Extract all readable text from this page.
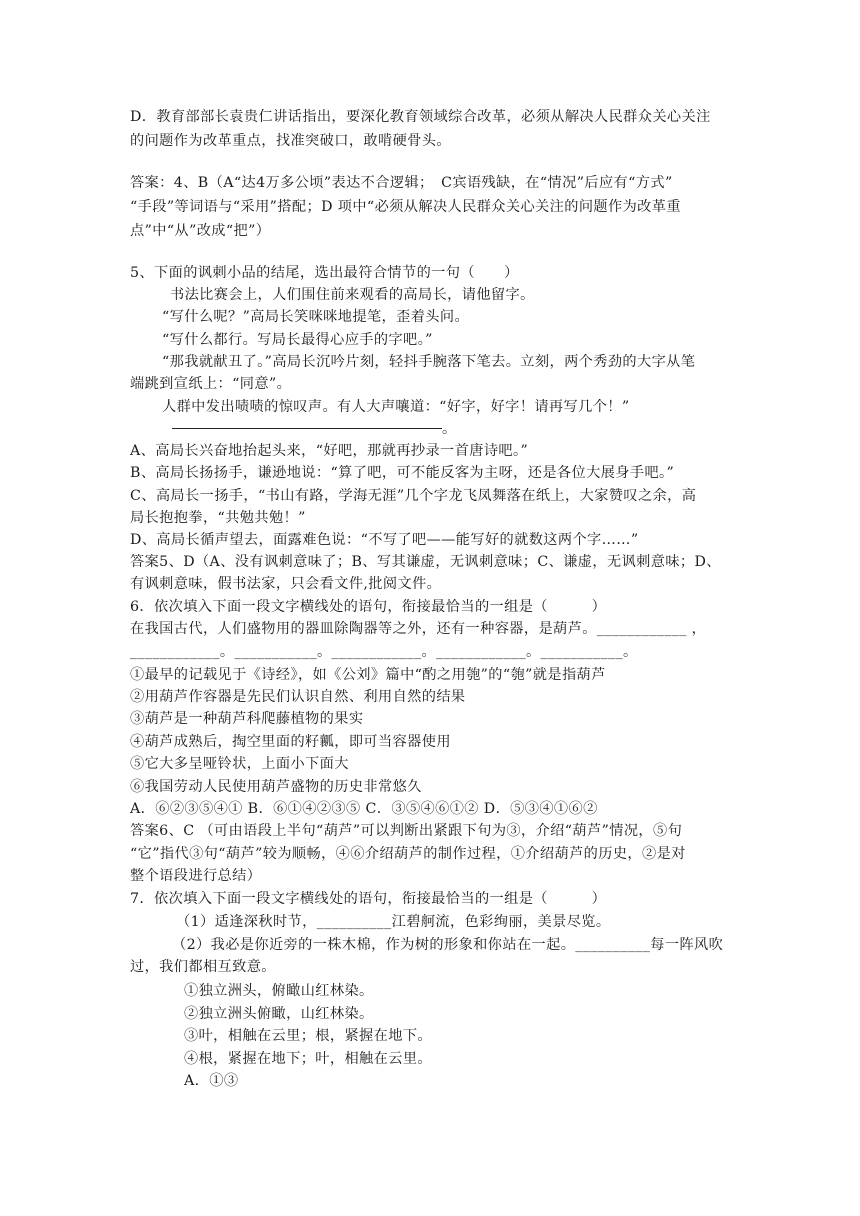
D．教育部部长袁贵仁讲话指出，要深化教育领域综合改革，必须从解决人民群众关心关注
的问题作为改革重点，找准突破口，敢啃硬骨头。
答案：4、B（A“达4万多公顷”表达不合逻辑；　C宾语残缺，在“情况”后应有“方式”
“手段”等词语与“采用”搭配；D 项中“必须从解决人民群众关心关注的问题作为改革重
点”中“从”改成“把”）
5、下面的讽刺小品的结尾，选出最符合情节的一句（　　）
书法比赛会上，人们围住前来观看的高局长，请他留字。
“写什么呢？”高局长笑咪咪地提笔，歪着头问。
“写什么都行。写局长最得心应手的字吧。”
“那我就献丑了。”高局长沉吟片刻，轻抖手腕落下笔去。立刻，两个秀劲的大字从笔
端跳到宣纸上：“同意”。
人群中发出啧啧的惊叹声。有人大声嚷道：“好字，好字！请再写几个！”
。
A、高局长兴奋地抬起头来，“好吧，那就再抄录一首唐诗吧。”
B、高局长扬扬手，谦逊地说：“算了吧，可不能反客为主呀，还是各位大展身手吧。”
C、高局长一扬手，“书山有路，学海无涯”几个字龙飞凤舞落在纸上，大家赞叹之余，高
局长抱抱拳，“共勉共勉！”
D、高局长循声望去，面露难色说：“不写了吧——能写好的就数这两个字……”
答案5、D（A、没有讽刺意味了；B、写其谦虚，无讽刺意味；C、谦虚，无讽刺意味；D、
有讽刺意味，假书法家，只会看文件,批阅文件。
6．依次填入下面一段文字横线处的语句，衔接最恰当的一组是（　　　）
在我国古代，人们盛物用的器皿除陶器等之外，还有一种容器，是葫芦。____________ ，
____________。___________。____________。____________。___________。
①最早的记载见于《诗经》，如《公刘》篇中“酌之用匏”的“匏”就是指葫芦
②用葫芦作容器是先民们认识自然、利用自然的结果
③葫芦是一种葫芦科爬藤植物的果实
④葫芦成熟后，掏空里面的籽瓤，即可当容器使用
⑤它大多呈哑铃状，上面小下面大
⑥我国劳动人民使用葫芦盛物的历史非常悠久
A．⑥②③⑤④① B．⑥①④②③⑤ C．③⑤④⑥①② D．⑤③④①⑥②
答案6、C （可由语段上半句“葫芦”可以判断出紧跟下句为③，介绍“葫芦”情况，⑤句
“它”指代③句“葫芦”较为顺畅，④⑥介绍葫芦的制作过程，①介绍葫芦的历史，②是对
整个语段进行总结）
7．依次填入下面一段文字横线处的语句，衔接最恰当的一组是（　　　）
（1）适逢深秋时节，__________江碧舸流，色彩绚丽，美景尽览。
（2）我必是你近旁的一株木棉，作为树的形象和你站在一起。__________每一阵风吹
过，我们都相互致意。
①独立洲头，俯瞰山红林染。
②独立洲头俯瞰，山红林染。
③叶，相触在云里；根，紧握在地下。
④根，紧握在地下；叶，相触在云里。
A．①③
